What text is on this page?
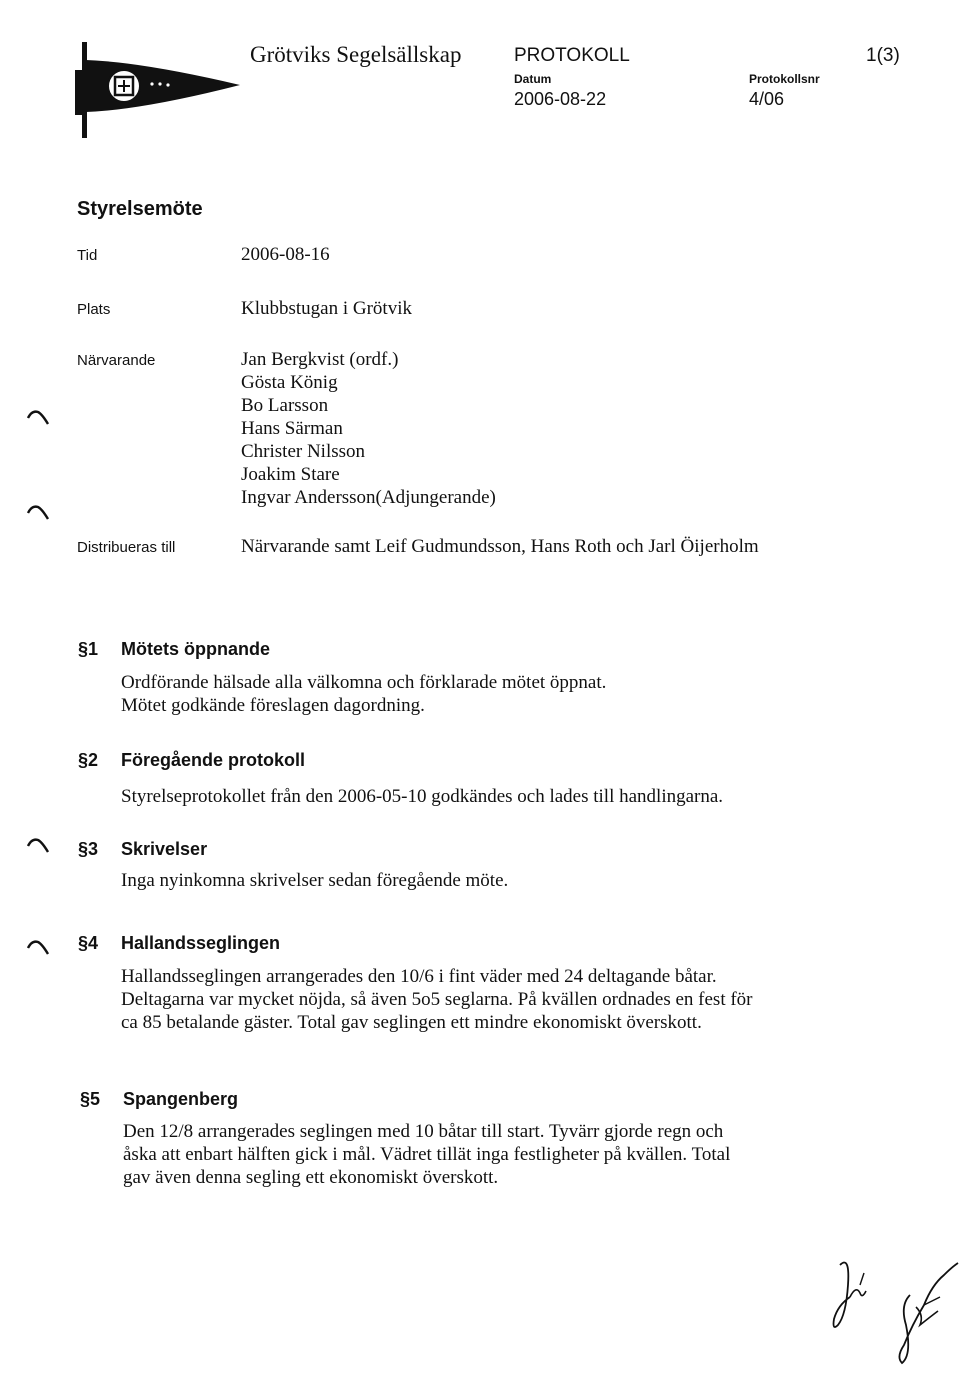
Grötviks Segelsällskap	PROTOKOLL	1(3)
Datum
2006-08-22
Protokollsnr
4/06
Styrelsemöte
Tid	2006-08-16
Plats	Klubbstugan i Grötvik
Närvarande	Jan Bergkvist (ordf.)
Gösta König
Bo Larsson
Hans Särman
Christer Nilsson
Joakim Stare
Ingvar Andersson(Adjungerande)
Distribueras till	Närvarande samt Leif Gudmundsson, Hans Roth och Jarl Öijerholm
§1 Mötets öppnande
Ordförande hälsade alla välkomna och förklarade mötet öppnat.
Mötet godkände föreslagen dagordning.
§2 Föregående protokoll
Styrelseprotokollet från den 2006-05-10 godkändes och lades till handlingarna.
§3 Skrivelser
Inga nyinkomna skrivelser sedan föregående möte.
§4 Hallandsseglingen
Hallandsseglingen arrangerades den 10/6 i fint väder med 24 deltagande båtar.
Deltagarna var mycket nöjda, så även 5o5 seglarna. På kvällen ordnades en fest för
ca 85 betalande gäster. Total gav seglingen ett mindre ekonomiskt överskott.
§5 Spangenberg
Den 12/8 arrangerades seglingen med 10 båtar till start. Tyvärr gjorde regn och
åska att enbart hälften gick i mål. Vädret tillät inga festligheter på kvällen. Total
gav även denna segling ett ekonomiskt överskott.
